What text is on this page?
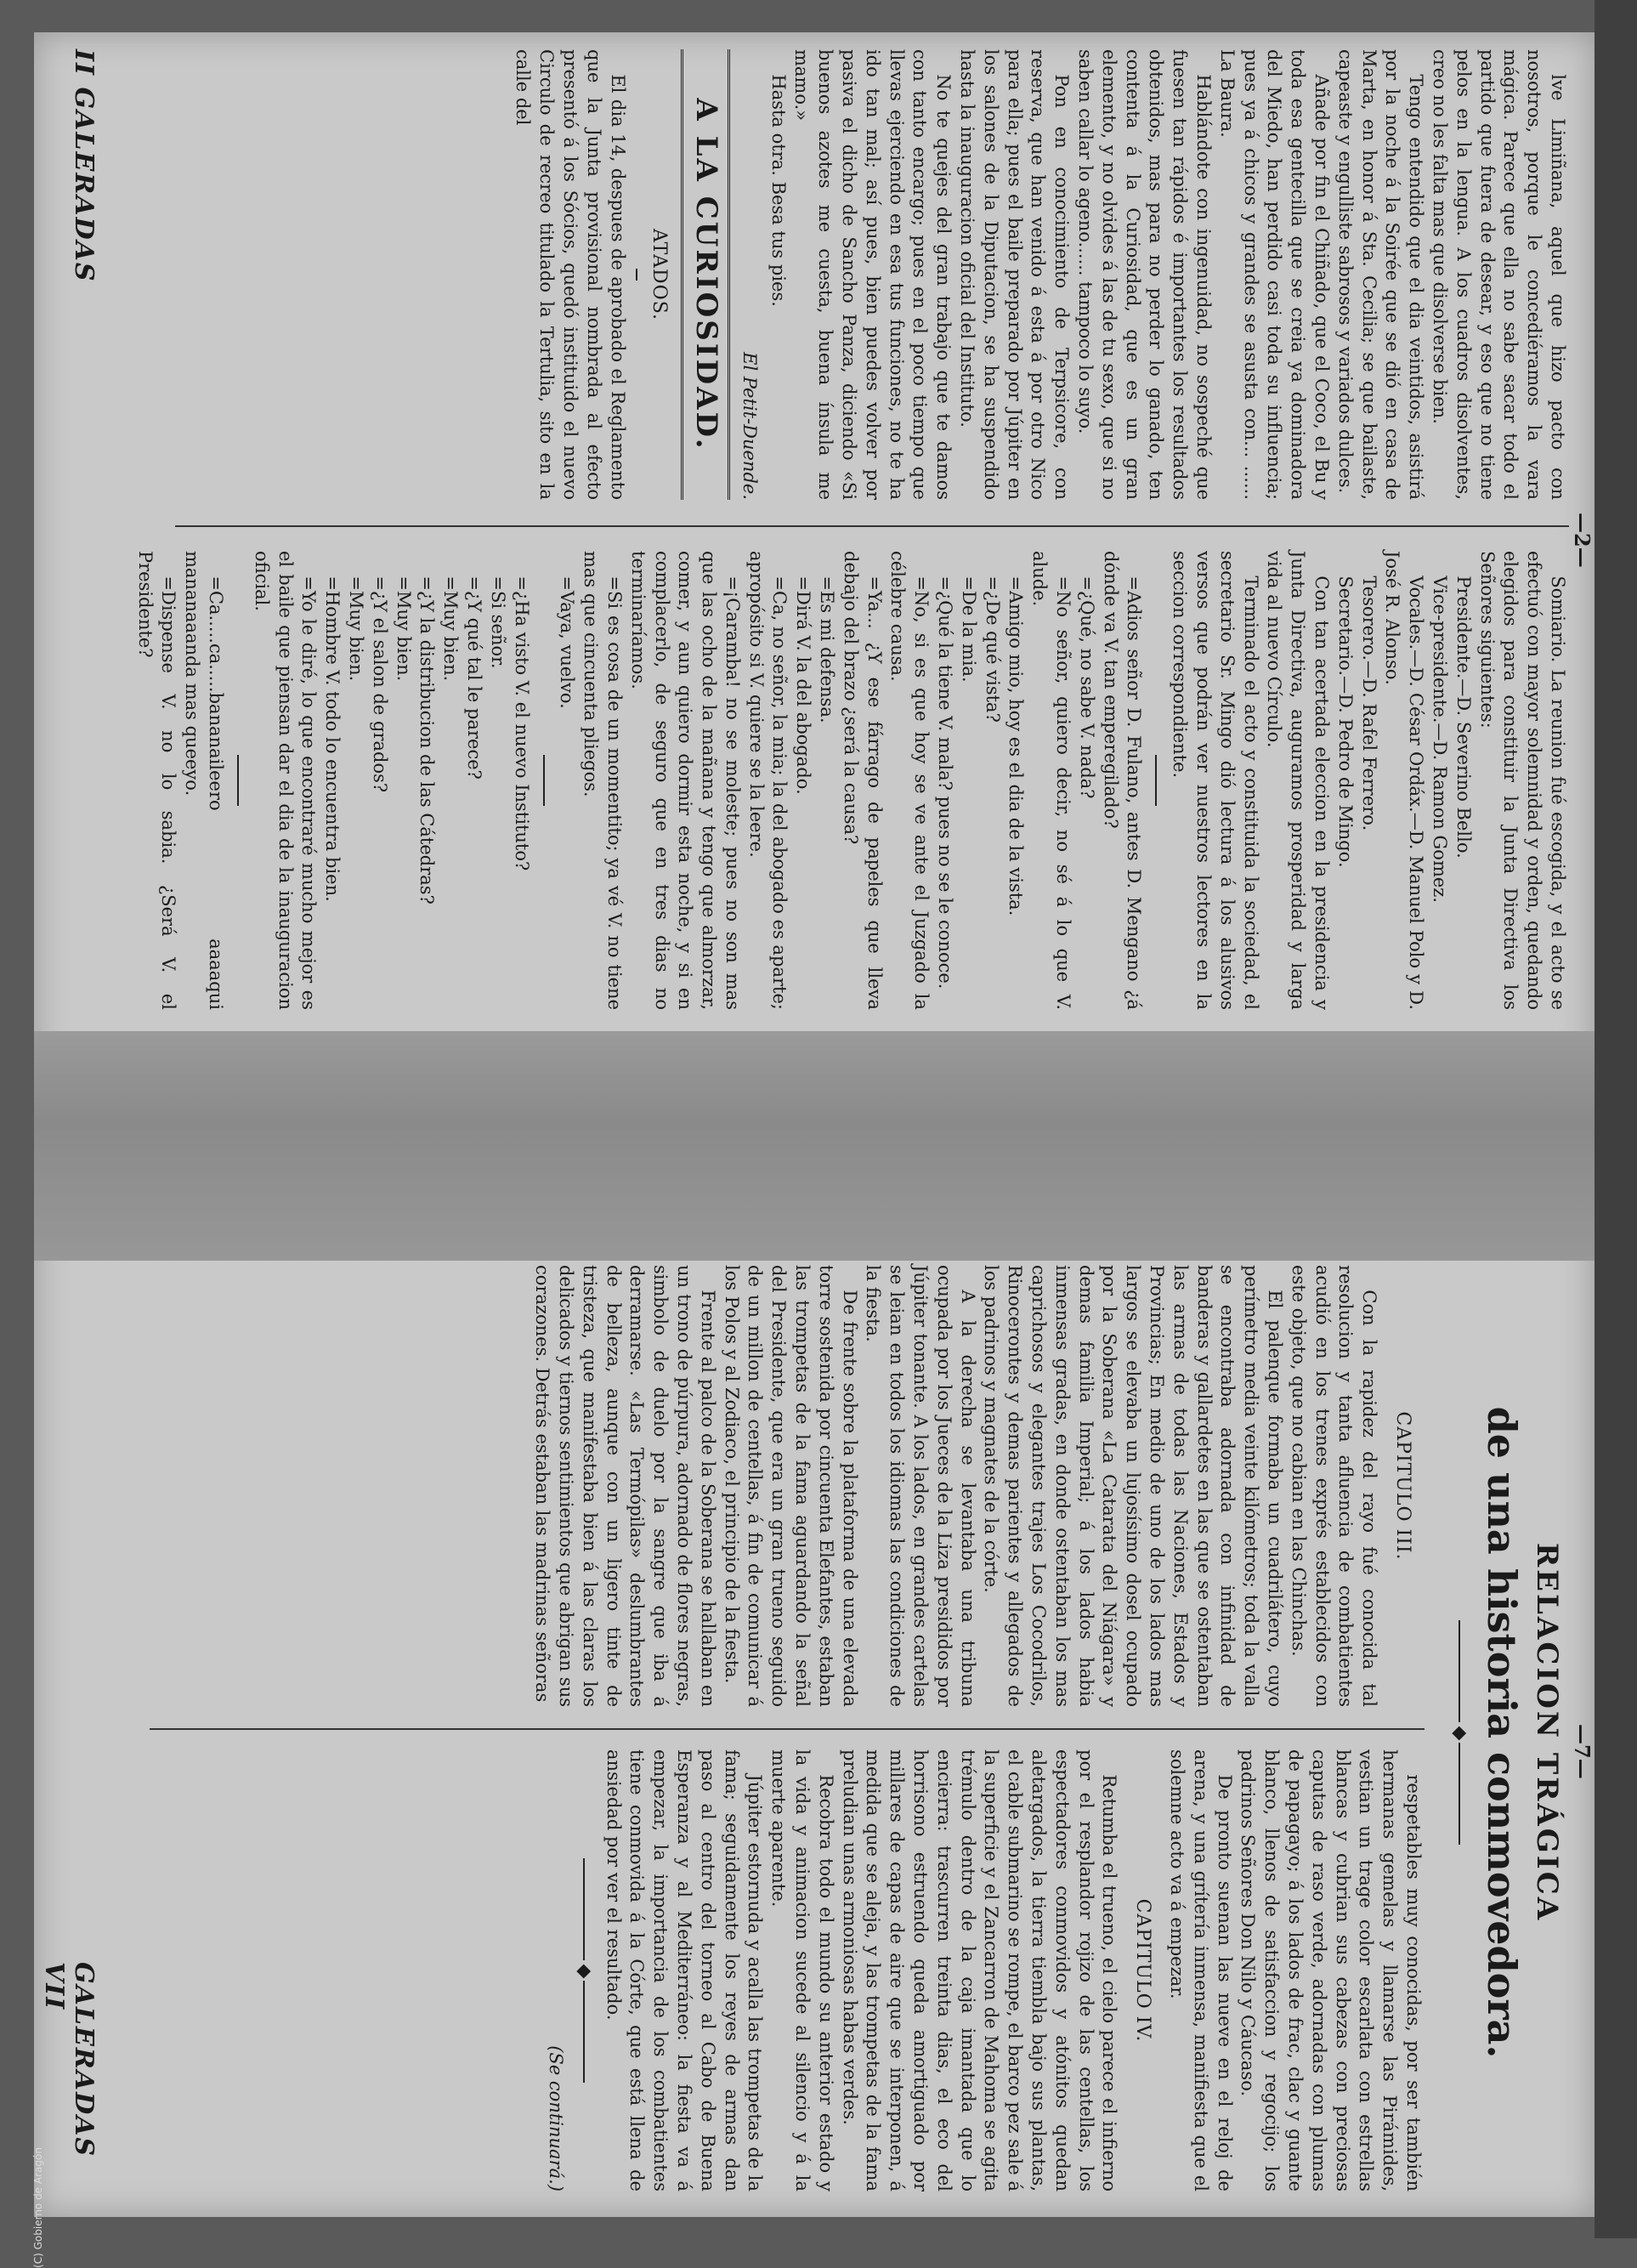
—2—

lve Limiñana, aquel que hizo pacto con nosotros, porque le concediéramos la vara mágica. Parece que ella no sabe sacar todo el partido que fuera de desear, y eso que no tiene pelos en la lengua. A los cuadros disolventes, creo no les falta mas que disolverse bien.

Tengo entendido que el dia veintidos, asistirá por la noche á la Soirée que se dió en casa de Marta, en honor á Sta. Cecilia; se que bailaste, capeaste y engulliste sabrosos y variados dulces.

Añade por fin el Chiñado, que el Coco, el Bu y toda esa gentecilla que se creia ya dominadora del Miedo, han perdido casi toda su influencia; pues ya á chicos y grandes se asusta con... ...... La Baura.

Hablándote con ingenuidad, no sospeché que fuesen tan rápidos é importantes los resultados obtenidos, mas para no perder lo ganado, ten contenta á la Curiosidad, que es un gran elemento, y no olvides á las de tu sexo, que si no saben callar lo ageno...... tampoco lo suyo.

Pon en conocimiento de Terpsicore, con reserva, que han venido á esta á por otro Nico para ella; pues el baile preparado por Júpiter en los salones de la Diputacion, se ha suspendido hasta la inauguracion oficial del Instituto.

No te quejes del gran trabajo que te damos con tanto encargo; pues en el poco tiempo que llevas ejerciendo en esa tus funciones, no te ha ido tan mal; así pues, bien puedes volver por pasiva el dicho de Sancho Panza, diciendo «Si buenos azotes me cuesta, buena ínsula me mamo.»

Hasta otra. Besa tus pies.

El Petit-Duende.
A LA CURIOSIDAD.
ATADOS.

El dia 14, despues de aprobado el Reglamento que la Junta provisional nombrada al efecto presentó á los Sócios, quedó instituido el nuevo Circulo de recreo titulado la Tertulia, sito en la calle del

Somiario. La reunion fué escogida, y el acto se efectuó con mayor solemnidad y orden, quedando elegidos para constituir la Junta Directiva los Señores siguientes:

Presidente.—D. Severino Bello.

Vice-presidente.—D. Ramon Gomez.

Vocales.—D. César Ordáx.—D. Manuel Polo y D. José R. Alonso.

Tesorero.—D. Rafel Ferrero.

Secretario.—D. Pedro de Mingo.

Con tan acertada eleccion en la presidencia y Junta Directiva, auguramos prosperidad y larga vida al nuevo Círculo.

Terminado el acto y constituida la sociedad, el secretario Sr. Mingo dió lectura á los alusivos versos que podrán ver nuestros lectores en la seccion correspondiente.

=Adios señor D. Fulano, antes D. Mengano ¿á dónde va V. tan emperegilado?

=¿Qué, no sabe V. nada?

=No señor, quiero decir, no sé á lo que V. alude.

=Amigo mio, hoy es el dia de la vista.

=¿De qué vista?

=De la mia.

=¿Qué la tiene V. mala? pues no se le conoce.

=No, si es que hoy se ve ante el Juzgado la célebre causa.

=Ya... ¿Y ese fárrago de papeles que lleva debajo del brazo ¿será la causa?

=Es mi defensa.

=Dirá V. la del abogado.

=Ca, no señor, la mia; la del abogado es aparte; apropósito si V. quiere se la leere.

=¡Caramba! no se moleste; pues no son mas que las ocho de la mañana y tengo que almorzar, comer, y aun quiero dormir esta noche, y si en complacerlo, de seguro que en tres dias no terminaríamos.

=Si es cosa de un momentito; ya vé V. no tiene mas que cincuenta pliegos.

=Vaya, vuelvo.

=¿Ha visto V. el nuevo Instituto?

=Si señor.

=¿Y qué tal le parece?

=Muy bien.

=¿Y la distribucion de las Cátedras?

=Muy bien.

=¿Y el salon de grados?

=Muy bien.

=Hombre V. todo lo encuentra bien.

=Yo le diré, lo que encontraré mucho mejor es el baile que piensan dar el dia de la inauguracion oficial.

=Ca.....ca.....bananaileero aaaaqui mananaaanda mas queeyo.

=Dispense V. no lo sabia. ¿Será V. el Presidente?

II GALERADAS
—7—
RELACION TRÁGICA
de una historia conmovedora.
◆
CAPITULO III.

Con la rapidez del rayo fué conocida tal resolucion y tanta afluencia de combatientes acudió en los trenes exprés establecidos con este objeto, que no cabian en las Chinchas.

El palenque formaba un cuadrilátero, cuyo perímetro media veinte kilómetros; toda la valla se encontraba adornada con infinidad de banderas y gallardetes en las que se ostentaban las armas de todas las Naciones, Estados y Provincias; En medio de uno de los lados mas largos se elevaba un lujosísimo dosel ocupado por la Soberana «La Catarata del Niágara» y demas familia Imperial; á los lados habia inmensas gradas, en donde ostentaban los mas caprichosos y elegantes trajes Los Cocodrilos, Rinocerontes y demas parientes y allegados de los padrinos y magnates de la córte.

A la derecha se levantaba una tribuna ocupada por los Jueces de la Liza presididos por Júpiter tonante. A los lados, en grandes cartelas se leian en todos los idiomas las condiciones de la fiesta.

De frente sobre la plataforma de una elevada torre sostenida por cincuenta Elefantes, estaban las trompetas de la fama aguardando la señal del Presidente, que era un gran trueno seguido de un millon de centellas, á fin de comunicar á los Polos y al Zodiaco, el principio de la fiesta.

Frente al palco de la Soberana se hallaban en un trono de púrpura, adornado de flores negras, simbolo de duelo por la sangre que iba á derramarse. «Las Termópilas» deslumbrantes de belleza, aunque con un ligero tinte de tristeza, que manifestaba bien á las claras los delicados y tiernos sentimientos que abrigan sus corazones. Detrás estaban las madrinas señoras

respetables muy conocidas, por ser también hermanas gemelas y llamarse las Pirámides, vestian un trage color escarlata con estrellas blancas y cubrian sus cabezas con preciosas caputas de raso verde, adornadas con plumas de papagayo; á los lados de frac, clac y guante blanco, llenos de satisfaccion y regocijo; los padrinos Señores Don Nilo y Cáucaso.

De pronto suenan las nueve en el reloj de arena, y una grítería inmensa, manifiesta que el solemne acto va á empezar.

CAPITULO IV.

Retumba el trueno, el cielo parece el infierno por el resplandor rojizo de las centellas, los espectadores conmovidos y atónitos quedan aletargados, la tierra tiembla bajo sus plantas, el cable submarino se rompe, el barco pez sale á la superficie y el Zancarron de Mahoma se agita trémulo dentro de la caja imantada que lo encierra: trascurren treinta dias, el eco del horrisono estruendo queda amortiguado por millares de capas de aire que se interponen, á medida que se aleja, y las trompetas de la fama preludian unas armoniosas habas verdes.

Recobra todo el mundo su anterior estado y la vida y animacion sucede al silencio y á la muerte aparente.

Júpiter estornuda y acalla las trompetas de la fama; seguidamente los reyes de armas dan paso al centro del torneo al Cabo de Buena Esperanza y al Mediterráneo: la fiesta va á empezar, la importancia de los combatientes tiene conmovida á la Córte, que está llena de ansiedad por ver el resultado.

◆
(Se continuará.)
GALERADAS VII
(C) Gobierno de Aragón
